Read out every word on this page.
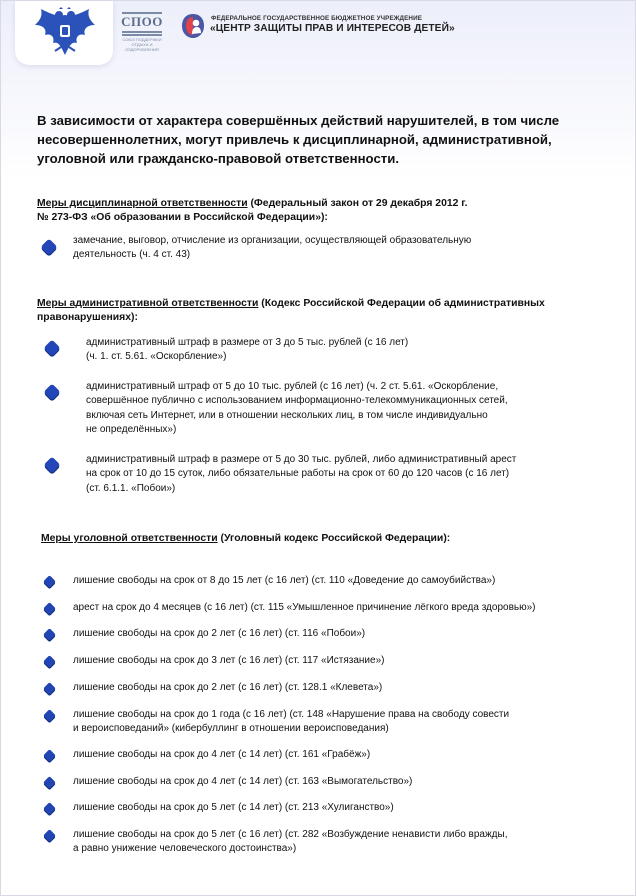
СПОО
СОЮЗ ПОДДЕРЖКИ ОТДЫХА И ОЗДОРОВЛЕНИЯ
ФЕДЕРАЛЬНОЕ ГОСУДАРСТВЕННОЕ БЮДЖЕТНОЕ УЧРЕЖДЕНИЕ
«ЦЕНТР ЗАЩИТЫ ПРАВ И ИНТЕРЕСОВ ДЕТЕЙ»
В зависимости от характера совершённых действий нарушителей, в том числе
несовершеннолетних, могут привлечь к дисциплинарной, административной,
уголовной или гражданско-правовой ответственности.
Меры дисциплинарной ответственности (Федеральный закон от 29 декабря 2012 г.
№ 273-ФЗ «Об образовании в Российской Федерации»):
замечание, выговор, отчисление из организации, осуществляющей образовательную
деятельность (ч. 4 ст. 43)
Меры административной ответственности (Кодекс Российской Федерации об административных
правонарушениях):
административный штраф в размере от 3 до 5 тыс. рублей (с 16 лет)
(ч. 1. ст. 5.61. «Оскорбление»)
административный штраф от 5 до 10 тыс. рублей (с 16 лет) (ч. 2 ст. 5.61. «Оскорбление,
совершённое публично с использованием информационно-телекоммуникационных сетей,
включая сеть Интернет, или в отношении нескольких лиц, в том числе индивидуально
не определённых»)
административный штраф в размере от 5 до 30 тыс. рублей, либо административный арест
на срок от 10 до 15 суток, либо обязательные работы на срок от 60 до 120 часов (с 16 лет)
(ст. 6.1.1. «Побои»)
Меры уголовной ответственности (Уголовный кодекс Российской Федерации):
лишение свободы на срок от 8 до 15 лет (с 16 лет) (ст. 110 «Доведение до самоубийства»)
арест на срок до 4 месяцев (с 16 лет) (ст. 115 «Умышленное причинение лёгкого вреда здоровью»)
лишение свободы на срок до 2 лет (с 16 лет) (ст. 116 «Побои»)
лишение свободы на срок до 3 лет (с 16 лет) (ст. 117 «Истязание»)
лишение свободы на срок до 2 лет (с 16 лет) (ст. 128.1 «Клевета»)
лишение свободы на срок до 1 года (с 16 лет) (ст. 148 «Нарушение права на свободу совести
и вероисповеданий» (кибербуллинг в отношении вероисповедания)
лишение свободы на срок до 4 лет (с 14 лет) (ст. 161 «Грабёж»)
лишение свободы на срок до 4 лет (с 14 лет) (ст. 163 «Вымогательство»)
лишение свободы на срок до 5 лет (с 14 лет) (ст. 213 «Хулиганство»)
лишение свободы на срок до 5 лет (с 16 лет) (ст. 282 «Возбуждение ненависти либо вражды,
а равно унижение человеческого достоинства»)
